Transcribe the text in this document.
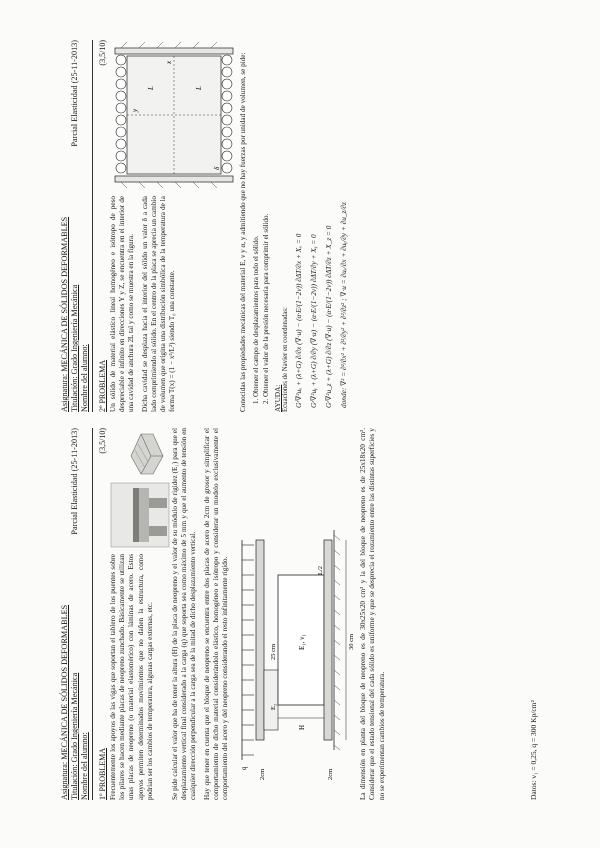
Asignatura: MECÁNICA DE SÓLIDOS DEFORMABLES Titulación: Grado Ingeniería Mecánica
Parcial Elasticidad (25-11-2013)
Nombre del alumno: 1º PROBLEMA
(3,5/10)

Frecuentemente los apoyos de las vigas que soportan el tablero de los puentes sobre los pilares se hacen mediante placas de neopreno zunchado. Básicamente se utilizan unas placas de neopreno (o material elastomérico) con láminas de acero. Estos apoyos permiten determinados movimientos que no dañen la estructura, como podrían ser los cambios de temperatura, algunas cargas externas, etc.	Se pide calcular el valor que ha de tener la altura (H) de la placa de neopreno y el valor de su módulo de rigidez (E₁) para que el desplazamiento vertical final considerado a la carga (q) que soporta sea como máximo de 5 mm y que el aumento de tensión en cualquier dirección perpendicular a la carga sea de la mitad de dicho desplazamiento vertical. Hay que tener en cuenta que el bloque de neopreno se encuentra entre dos placas de acero de 2cm de grosor y simplificar el comportamiento de dicho material considerándolo elástico, homogéneo e isótropo y considerar un modelo exclusivamente el comportamiento del acero y del neopreno considerando el resto infinitamente rígido. q
2cm
E₂
25 cm
E₁, ν₁
H
2cm
30 cm
L/2	La dimensión en planta del bloque de neopreno es de 30x25x20 cm³ y la del bloque de neopreno es de 25x18x20 cm³. Considerar que el estado tensional del cada sólido es uniforme y que se desprecia el rozamiento entre las distintas superficies y no se experimentan cambios de temperatura.	Datos: ν₁ = 0,25, q = 300 Kp/cm²
Asignatura: MECÁNICA DE SÓLIDOS DEFORMABLES Titulación: Grado Ingeniería Mecánica
Parcial Elasticidad (25-11-2013)
Nombre del alumno: 2º PROBLEMA
(3,5/10)

Un sólido de material elástico lineal homogéneo e isótropo de peso despreciable e infinito en direcciones Y y Z, se encuentra en el interior de una cavidad de anchura 2L tal y como se muestra en la figura. Dicha cavidad se desplaza hacia el interior del sólido un valor δ a cada lado comprimiendo al sólido. En el centro de la placa se aprecia un cambio de volumen que origina una distribución simbólica de la temperatura de la forma T(x) = (1 − x²/L²) siendo T₀ una constante.

y
x
L	L
δ	Conocidas las propiedades mecánicas del material E, ν y α, y admitiendo que no hay fuerzas por unidad de volumen, se pide: 1. Obtener el campo de desplazamientos para todo el sólido. 2. Obtener el valor de la presión necesaria para comprimir el sólido. AYUDA: Ecuaciones de Navier en coordenadas: Gᵉ∇²uₓ + (λ+G) ∂/∂x (∇·u) − (α·E/(1−2ν)) ∂ΔT/∂x + Xₓ = 0 Gᵉ∇²uᵧ + (λ+G) ∂/∂y (∇·u) − (α·E/(1−2ν)) ∂ΔT/∂y + Xᵧ = 0 Gᵉ∇²u_z + (λ+G) ∂/∂z (∇·u) − (α·E/(1−2ν)) ∂ΔT/∂z + X_z = 0 donde: ∇² = ∂²/∂x² + ∂²/∂y² + ∂²/∂z² ; ∇·u = ∂uₓ/∂x + ∂uᵧ/∂y + ∂u_z/∂z
